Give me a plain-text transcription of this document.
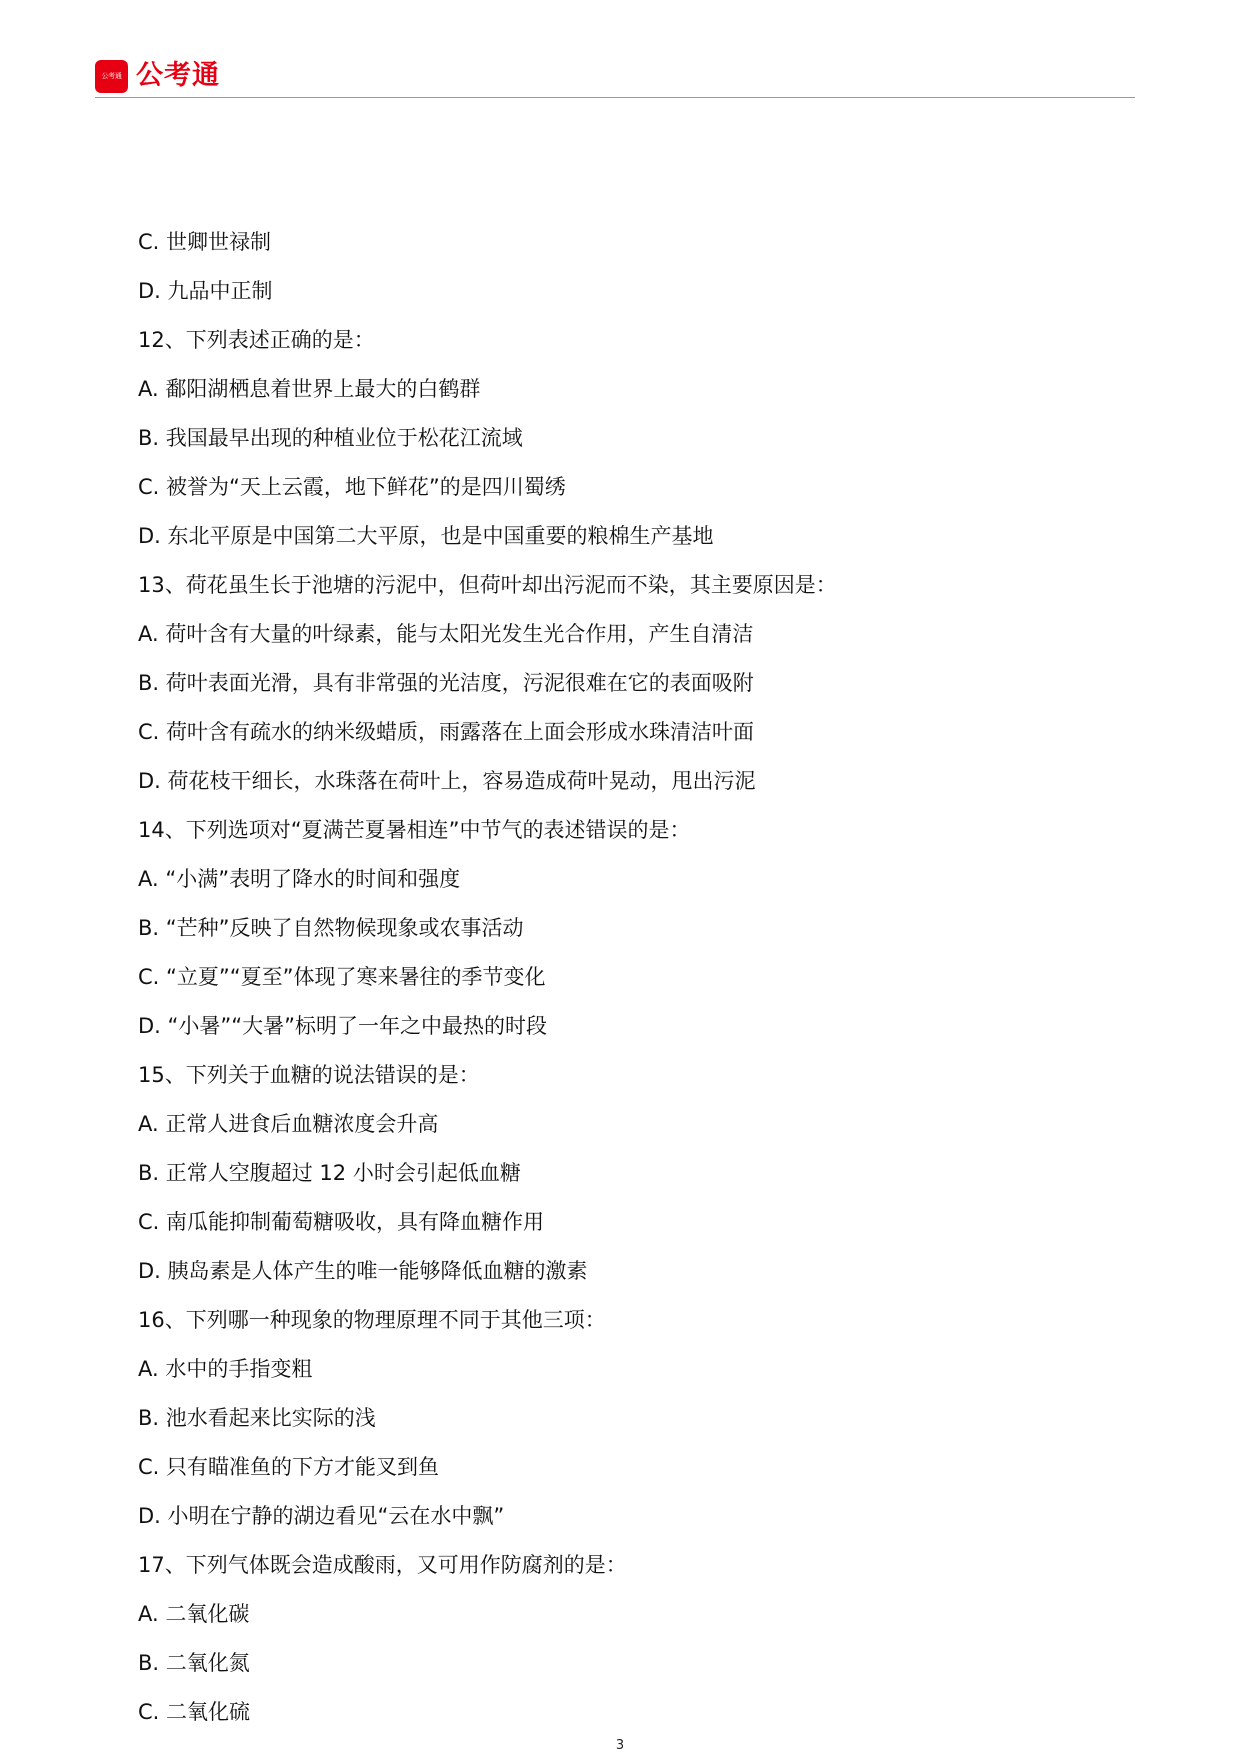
公考通 公考通
C. 世卿世禄制
D. 九品中正制
12、下列表述正确的是：
A. 鄱阳湖栖息着世界上最大的白鹤群
B. 我国最早出现的种植业位于松花江流域
C. 被誉为“天上云霞，地下鲜花”的是四川蜀绣
D. 东北平原是中国第二大平原，也是中国重要的粮棉生产基地
13、荷花虽生长于池塘的污泥中，但荷叶却出污泥而不染，其主要原因是：
A. 荷叶含有大量的叶绿素，能与太阳光发生光合作用，产生自清洁
B. 荷叶表面光滑，具有非常强的光洁度，污泥很难在它的表面吸附
C. 荷叶含有疏水的纳米级蜡质，雨露落在上面会形成水珠清洁叶面
D. 荷花枝干细长，水珠落在荷叶上，容易造成荷叶晃动，甩出污泥
14、下列选项对“夏满芒夏暑相连”中节气的表述错误的是：
A. “小满”表明了降水的时间和强度
B. “芒种”反映了自然物候现象或农事活动
C. “立夏”“夏至”体现了寒来暑往的季节变化
D. “小暑”“大暑”标明了一年之中最热的时段
15、下列关于血糖的说法错误的是：
A. 正常人进食后血糖浓度会升高
B. 正常人空腹超过 12 小时会引起低血糖
C. 南瓜能抑制葡萄糖吸收，具有降血糖作用
D. 胰岛素是人体产生的唯一能够降低血糖的激素
16、下列哪一种现象的物理原理不同于其他三项：
A. 水中的手指变粗
B. 池水看起来比实际的浅
C. 只有瞄准鱼的下方才能叉到鱼
D. 小明在宁静的湖边看见“云在水中飘”
17、下列气体既会造成酸雨，又可用作防腐剂的是：
A. 二氧化碳
B. 二氧化氮
C. 二氧化硫
3
